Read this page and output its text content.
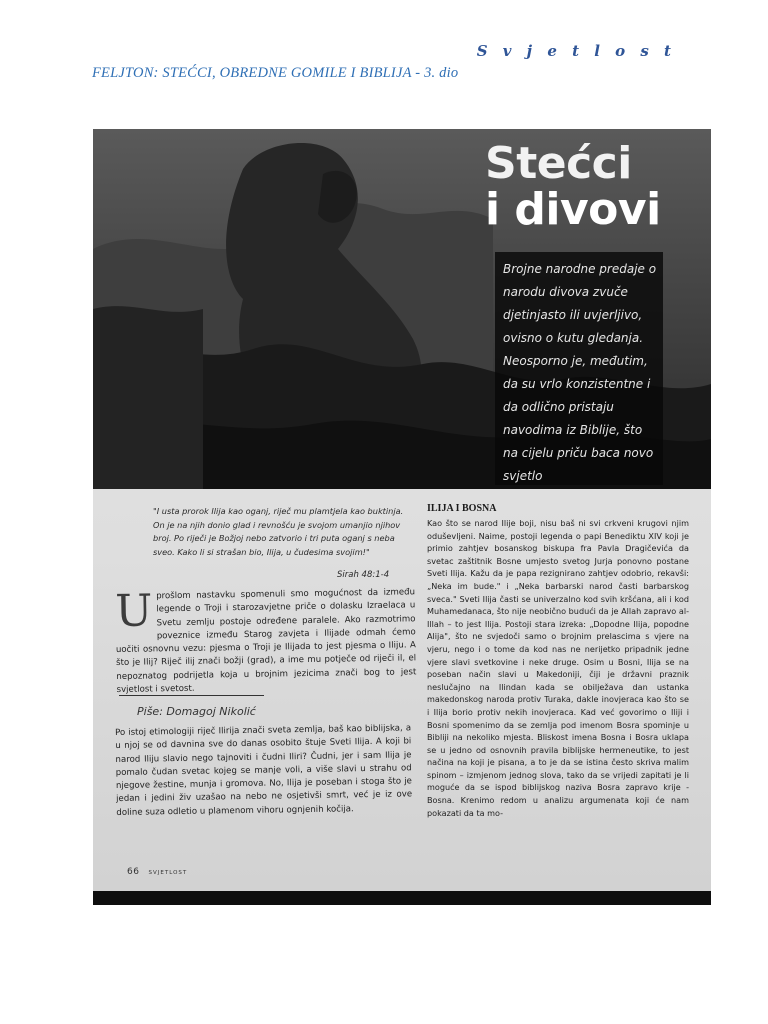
S v j e t l o s t
FELJTON: STEĆCI, OBREDNE GOMILE I BIBLIJA - 3. dio
Stećci
i divovi
Brojne narodne predaje o narodu divova zvuče djetinjasto ili uvjerljivo, ovisno o kutu gledanja. Neosporno je, međutim, da su vrlo konzistentne i da odlično pristaju navodima iz Biblije, što na cijelu priču baca novo svjetlo
"I usta prorok Ilija kao oganj, riječ mu plamtjela kao buktinja. On je na njih donio glad i revnošću je svojom umanjio njihov broj. Po riječi je Božjoj nebo zatvorio i tri puta oganj s neba sveo. Kako li si strašan bio, Ilija, u čudesima svojim!"
Sirah 48:1-4
U prošlom nastavku spomenuli smo mogućnost da između legende o Troji i starozavjetne priče o dolasku Izraelaca u Svetu zemlju postoje određene paralele. Ako razmotrimo poveznice između Starog zavjeta i Ilijade odmah ćemo uočiti osnovnu vezu: pjesma o Troji je Ilijada to jest pjesma o Iliju. A što je Ilij? Riječ ilij znači božji (grad), a ime mu potječe od riječi il, el nepoznatog podrijetla koja u brojnim jezicima znači bog to jest svjetlost i svetost.
Piše: Domagoj Nikolić
Po istoj etimologiji riječ Ilirija znači sveta zemlja, baš kao biblijska, a u njoj se od davnina sve do danas osobito štuje Sveti Ilija. A koji bi narod Iliju slavio nego tajnoviti i čudni Iliri? Čudni, jer i sam Ilija je pomalo čudan svetac kojeg se manje voli, a više slavi u strahu od njegove žestine, munja i gromova. No, Ilija je poseban i stoga što je jedan i jedini živ uzašao na nebo ne osjetivši smrt, već je iz ove doline suza odletio u plamenom vihoru ognjenih kočija.
ILIJA I BOSNA
Kao što se narod Ilije boji, nisu baš ni svi crkveni krugovi njim oduševljeni. Naime, postoji legenda o papi Benediktu XIV koji je primio zahtjev bosanskog biskupa fra Pavla Dragičevića da svetac zaštitnik Bosne umjesto svetog Jurja ponovno postane Sveti Ilija. Kažu da je papa rezignirano zahtjev odobrio, rekavši: „Neka im bude." i „Neka barbarski narod časti barbarskog sveca." Sveti Ilija časti se univerzalno kod svih kršćana, ali i kod Muhamedanaca, što nije neobično budući da je Allah zapravo al- Illah – to jest Ilija. Postoji stara izreka: „Dopodne Ilija, popodne Alija", što ne svjedoči samo o brojnim prelascima s vjere na vjeru, nego i o tome da kod nas ne nerijetko pripadnik jedne vjere slavi svetkovine i neke druge. Osim u Bosni, Ilija se na poseban način slavi u Makedoniji, čiji je državni praznik neslučajno na Ilindan kada se obilježava dan ustanka makedonskog naroda protiv Turaka, dakle inovjeraca kao što se i Ilija borio protiv nekih inovjeraca. Kad već govorimo o Iliji i Bosni spomenimo da se zemlja pod imenom Bosra spominje u Bibliji na nekoliko mjesta. Bliskost imena Bosna i Bosra uklapa se u jedno od osnovnih pravila biblijske hermeneutike, to jest načina na koji je pisana, a to je da se istina često skriva malim spinom – izmjenom jednog slova, tako da se vrijedi zapitati je li moguće da se ispod biblijskog naziva Bosra zapravo krije - Bosna. Krenimo redom u analizu argumenata koji će nam pokazati da ta mo-
66 SVJETLOST
